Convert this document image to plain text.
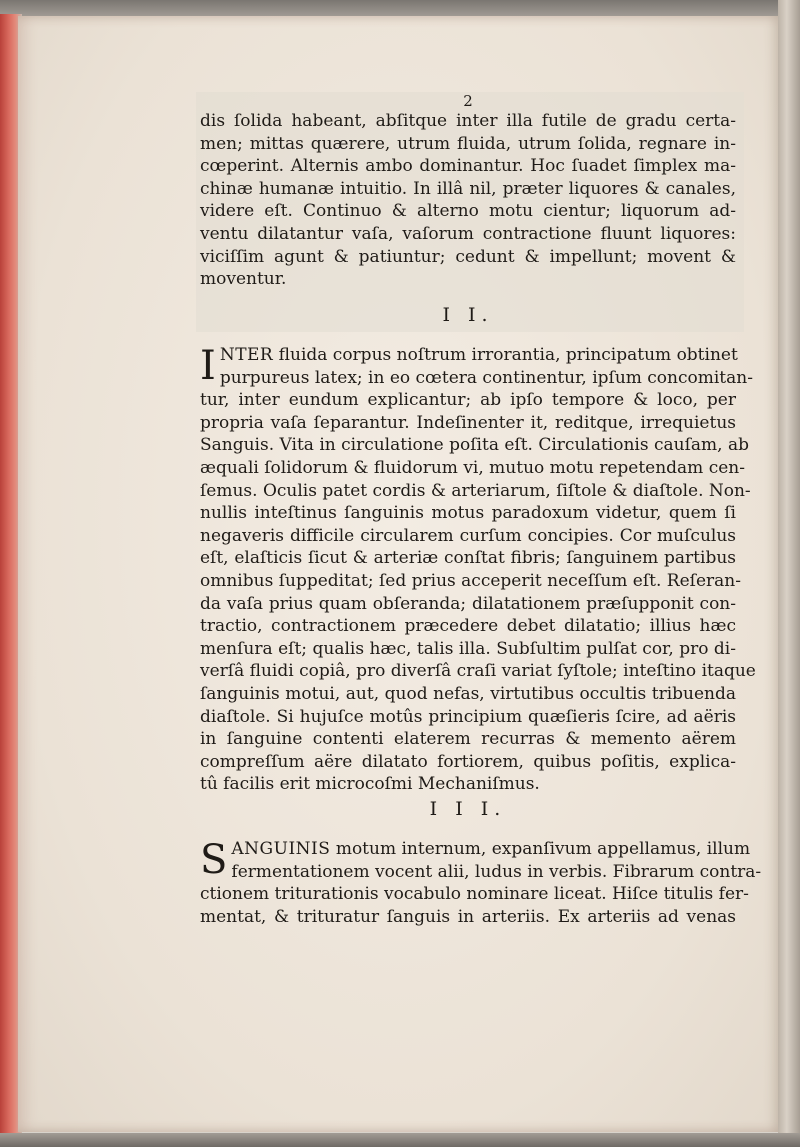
2
dis ſolida habeant, abſitque inter illa futile de gradu certa-
men; mittas quærere, utrum fluida, utrum ſolida, regnare in-
cœperint. Alternis ambo dominantur. Hoc ſuadet ſimplex ma-
chinæ humanæ intuitio. In illâ nil, præter liquores & canales,
videre eſt. Continuo & alterno motu cientur; liquorum ad-
ventu dilatantur vaſa, vaſorum contractione fluunt liquores:
viciſſim agunt & patiuntur; cedunt & impellunt; movent &
moventur.
I I.
I NTER fluida corpus noſtrum irrorantia, principatum obtinet
purpureus latex; in eo cœtera continentur, ipſum concomitan-
tur, inter eundum explicantur; ab ipſo tempore & loco, per
propria vaſa ſeparantur. Indeſinenter it, reditque, irrequietus
Sanguis. Vita in circulatione poſita eſt. Circulationis cauſam, ab
æquali ſolidorum & fluidorum vi, mutuo motu repetendam cen-
ſemus. Oculis patet cordis & arteriarum, ſiſtole & diaſtole. Non-
nullis inteſtinus ſanguinis motus paradoxum videtur, quem ſi
negaveris difficile circularem curſum concipies. Cor muſculus
eſt, elaſticis ſicut & arteriæ conſtat fibris; ſanguinem partibus
omnibus ſuppeditat; ſed prius acceperit neceſſum eſt. Reſeran-
da vaſa prius quam obſeranda; dilatationem præſupponit con-
tractio, contractionem præcedere debet dilatatio; illius hæc
menſura eſt; qualis hæc, talis illa. Subſultim pulſat cor, pro di-
verſâ fluidi copiâ, pro diverſâ craſi variat ſyſtole; inteſtino itaque
ſanguinis motui, aut, quod nefas, virtutibus occultis tribuenda
diaſtole. Si hujuſce motûs principium quæſieris ſcire, ad aëris
in ſanguine contenti elaterem recurras & memento aërem
compreſſum aëre dilatato fortiorem, quibus poſitis, explica-
tû facilis erit microcoſmi Mechaniſmus.
I I I.
S ANGUINIS motum internum, expanſivum appellamus, illum
fermentationem vocent alii, ludus in verbis. Fibrarum contra-
ctionem triturationis vocabulo nominare liceat. Hiſce titulis fer-
mentat, & trituratur ſanguis in arteriis. Ex arteriis ad venas
